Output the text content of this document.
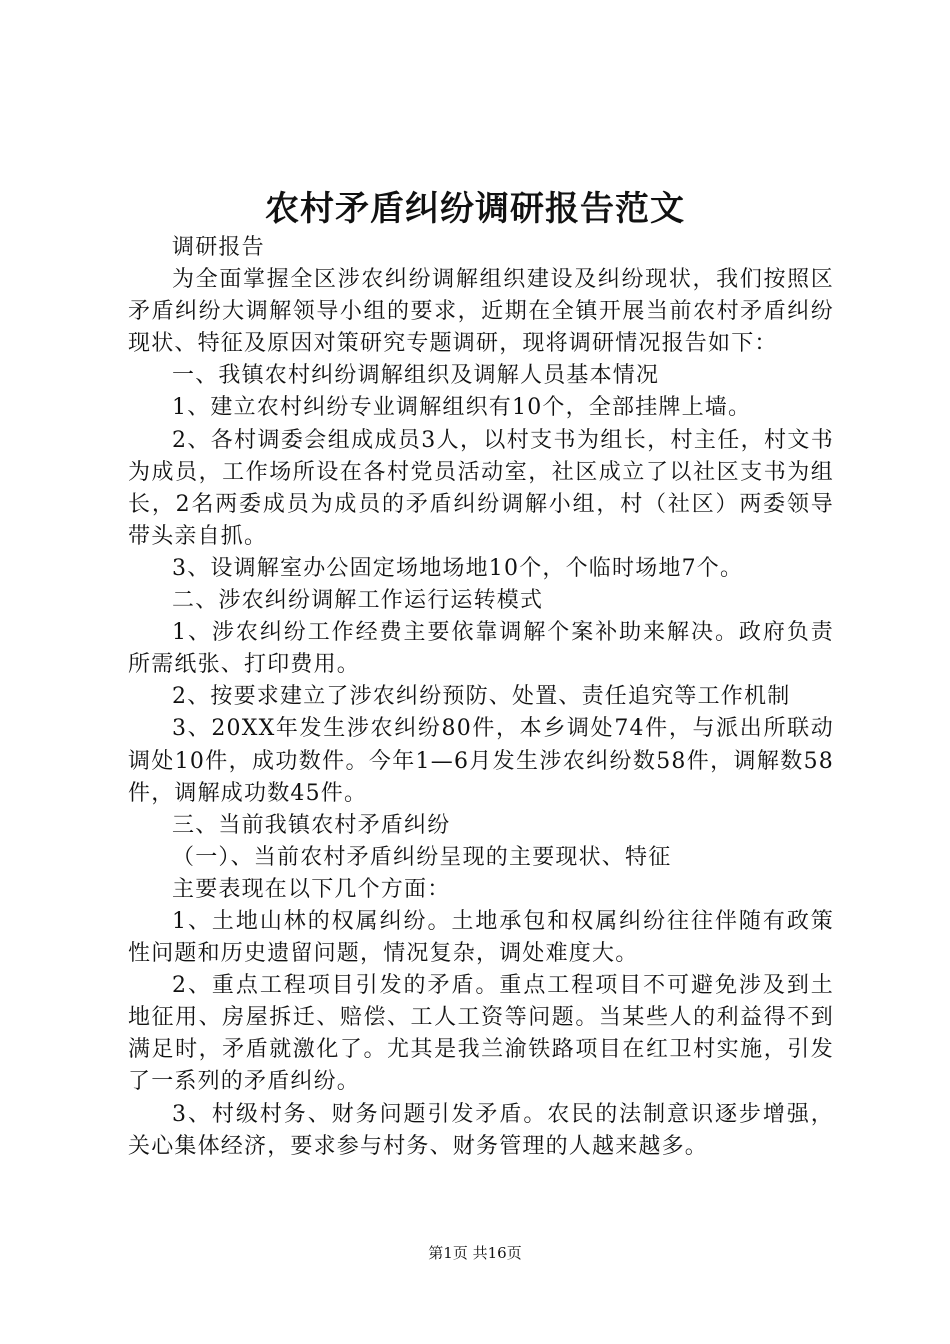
农村矛盾纠纷调研报告范文

调研报告

为全面掌握全区涉农纠纷调解组织建设及纠纷现状，我们按照区矛盾纠纷大调解领导小组的要求，近期在全镇开展当前农村矛盾纠纷现状、特征及原因对策研究专题调研，现将调研情况报告如下：

一、我镇农村纠纷调解组织及调解人员基本情况

1、建立农村纠纷专业调解组织有10个，全部挂牌上墙。

2、各村调委会组成成员3人，以村支书为组长，村主任，村文书为成员，工作场所设在各村党员活动室，社区成立了以社区支书为组长，2名两委成员为成员的矛盾纠纷调解小组，村（社区）两委领导带头亲自抓。

3、设调解室办公固定场地场地10个，个临时场地7个。

二、涉农纠纷调解工作运行运转模式

1、涉农纠纷工作经费主要依靠调解个案补助来解决。政府负责所需纸张、打印费用。

2、按要求建立了涉农纠纷预防、处置、责任追究等工作机制

3、20XX年发生涉农纠纷80件，本乡调处74件，与派出所联动调处10件，成功数件。今年1—6月发生涉农纠纷数58件，调解数58件，调解成功数45件。

三、当前我镇农村矛盾纠纷

（一）、当前农村矛盾纠纷呈现的主要现状、特征

主要表现在以下几个方面：

1、土地山林的权属纠纷。土地承包和权属纠纷往往伴随有政策性问题和历史遗留问题，情况复杂，调处难度大。

2、重点工程项目引发的矛盾。重点工程项目不可避免涉及到土地征用、房屋拆迁、赔偿、工人工资等问题。当某些人的利益得不到满足时，矛盾就激化了。尤其是我兰渝铁路项目在红卫村实施，引发了一系列的矛盾纠纷。

3、村级村务、财务问题引发矛盾。农民的法制意识逐步增强，关心集体经济，要求参与村务、财务管理的人越来越多。

第1页 共16页
